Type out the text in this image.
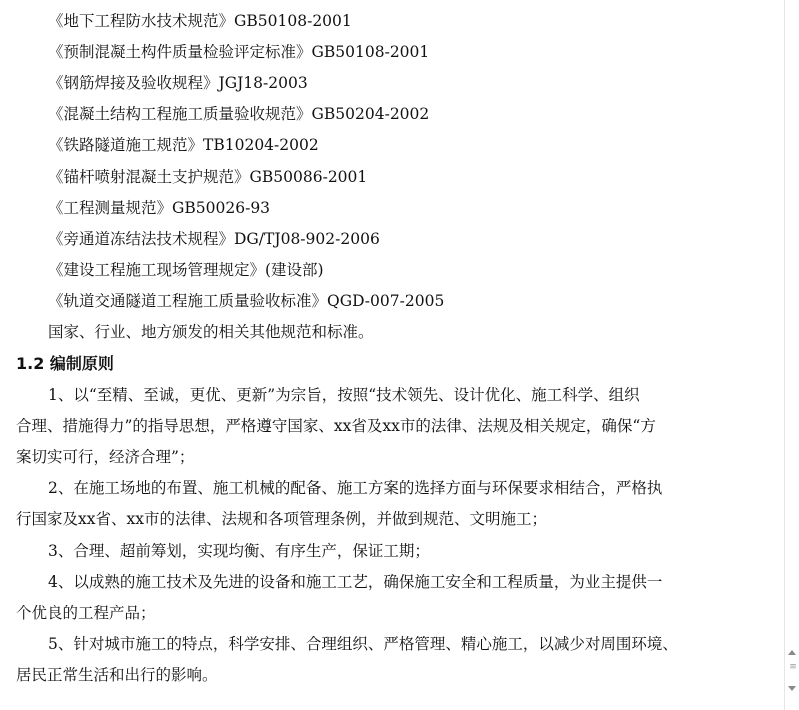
《地下工程防水技术规范》GB50108-2001
《预制混凝土构件质量检验评定标准》GB50108-2001
《钢筋焊接及验收规程》JGJ18-2003
《混凝土结构工程施工质量验收规范》GB50204-2002
《铁路隧道施工规范》TB10204-2002
《锚杆喷射混凝土支护规范》GB50086-2001
《工程测量规范》GB50026-93
《旁通道冻结法技术规程》DG/TJ08-902-2006
《建设工程施工现场管理规定》(建设部)
《轨道交通隧道工程施工质量验收标准》QGD-007-2005
国家、行业、地方颁发的相关其他规范和标准。
1.2 编制原则
1、以“至精、至诚，更优、更新”为宗旨，按照“技术领先、设计优化、施工科学、组织
合理、措施得力”的指导思想，严格遵守国家、xx省及xx市的法律、法规及相关规定，确保“方
案切实可行，经济合理”；
2、在施工场地的布置、施工机械的配备、施工方案的选择方面与环保要求相结合，严格执
行国家及xx省、xx市的法律、法规和各项管理条例，并做到规范、文明施工；
3、合理、超前筹划，实现均衡、有序生产，保证工期；
4、以成熟的施工技术及先进的设备和施工工艺，确保施工安全和工程质量，为业主提供一
个优良的工程产品；
5、针对城市施工的特点，科学安排、合理组织、严格管理、精心施工，以减少对周围环境、
居民正常生活和出行的影响。	≡
